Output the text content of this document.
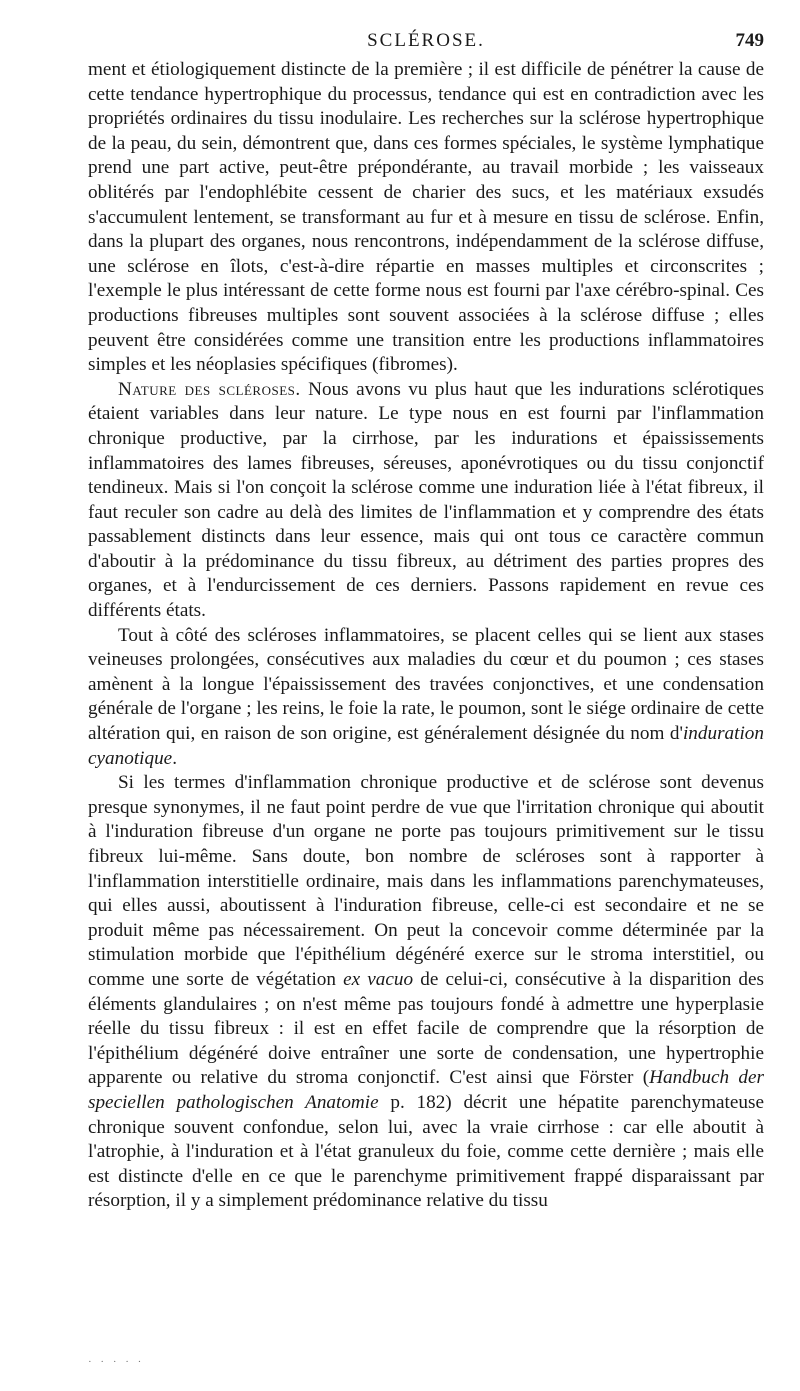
SCLÉROSE.	749

ment et étiologiquement distincte de la première ; il est difficile de pénétrer la cause de cette tendance hypertrophique du processus, tendance qui est en contradiction avec les propriétés ordinaires du tissu inodulaire. Les recherches sur la sclérose hypertrophique de la peau, du sein, démontrent que, dans ces formes spéciales, le système lymphatique prend une part active, peut-être prépondérante, au travail morbide ; les vaisseaux oblitérés par l'endophlébite cessent de charier des sucs, et les matériaux exsudés s'accumulent lentement, se transformant au fur et à mesure en tissu de sclérose. Enfin, dans la plupart des organes, nous rencontrons, indépendamment de la sclérose diffuse, une sclérose en îlots, c'est-à-dire répartie en masses multiples et circonscrites ; l'exemple le plus intéressant de cette forme nous est fourni par l'axe cérébro-spinal. Ces productions fibreuses multiples sont souvent associées à la sclérose diffuse ; elles peuvent être considérées comme une transition entre les productions inflammatoires simples et les néoplasies spécifiques (fibromes).

Nature des scléroses. Nous avons vu plus haut que les indurations sclérotiques étaient variables dans leur nature. Le type nous en est fourni par l'inflammation chronique productive, par la cirrhose, par les indurations et épaississements inflammatoires des lames fibreuses, séreuses, aponévrotiques ou du tissu conjonctif tendineux. Mais si l'on conçoit la sclérose comme une induration liée à l'état fibreux, il faut reculer son cadre au delà des limites de l'inflammation et y comprendre des états passablement distincts dans leur essence, mais qui ont tous ce caractère commun d'aboutir à la prédominance du tissu fibreux, au détriment des parties propres des organes, et à l'endurcissement de ces derniers. Passons rapidement en revue ces différents états.

Tout à côté des scléroses inflammatoires, se placent celles qui se lient aux stases veineuses prolongées, consécutives aux maladies du cœur et du poumon ; ces stases amènent à la longue l'épaississement des travées conjonctives, et une condensation générale de l'organe ; les reins, le foie la rate, le poumon, sont le siége ordinaire de cette altération qui, en raison de son origine, est généralement désignée du nom d'induration cyanotique.

Si les termes d'inflammation chronique productive et de sclérose sont devenus presque synonymes, il ne faut point perdre de vue que l'irritation chronique qui aboutit à l'induration fibreuse d'un organe ne porte pas toujours primitivement sur le tissu fibreux lui-même. Sans doute, bon nombre de scléroses sont à rapporter à l'inflammation interstitielle ordinaire, mais dans les inflammations parenchymateuses, qui elles aussi, aboutissent à l'induration fibreuse, celle-ci est secondaire et ne se produit même pas nécessairement. On peut la concevoir comme déterminée par la stimulation morbide que l'épithélium dégénéré exerce sur le stroma interstitiel, ou comme une sorte de végétation ex vacuo de celui-ci, consécutive à la disparition des éléments glandulaires ; on n'est même pas toujours fondé à admettre une hyperplasie réelle du tissu fibreux : il est en effet facile de comprendre que la résorption de l'épithélium dégénéré doive entraîner une sorte de condensation, une hypertrophie apparente ou relative du stroma conjonctif. C'est ainsi que Förster (Handbuch der speciellen pathologischen Anatomie p. 182) décrit une hépatite parenchymateuse chronique souvent confondue, selon lui, avec la vraie cirrhose : car elle aboutit à l'atrophie, à l'induration et à l'état granuleux du foie, comme cette dernière ; mais elle est distincte d'elle en ce que le parenchyme primitivement frappé disparaissant par résorption, il y a simplement prédominance relative du tissu

· · · · ·
